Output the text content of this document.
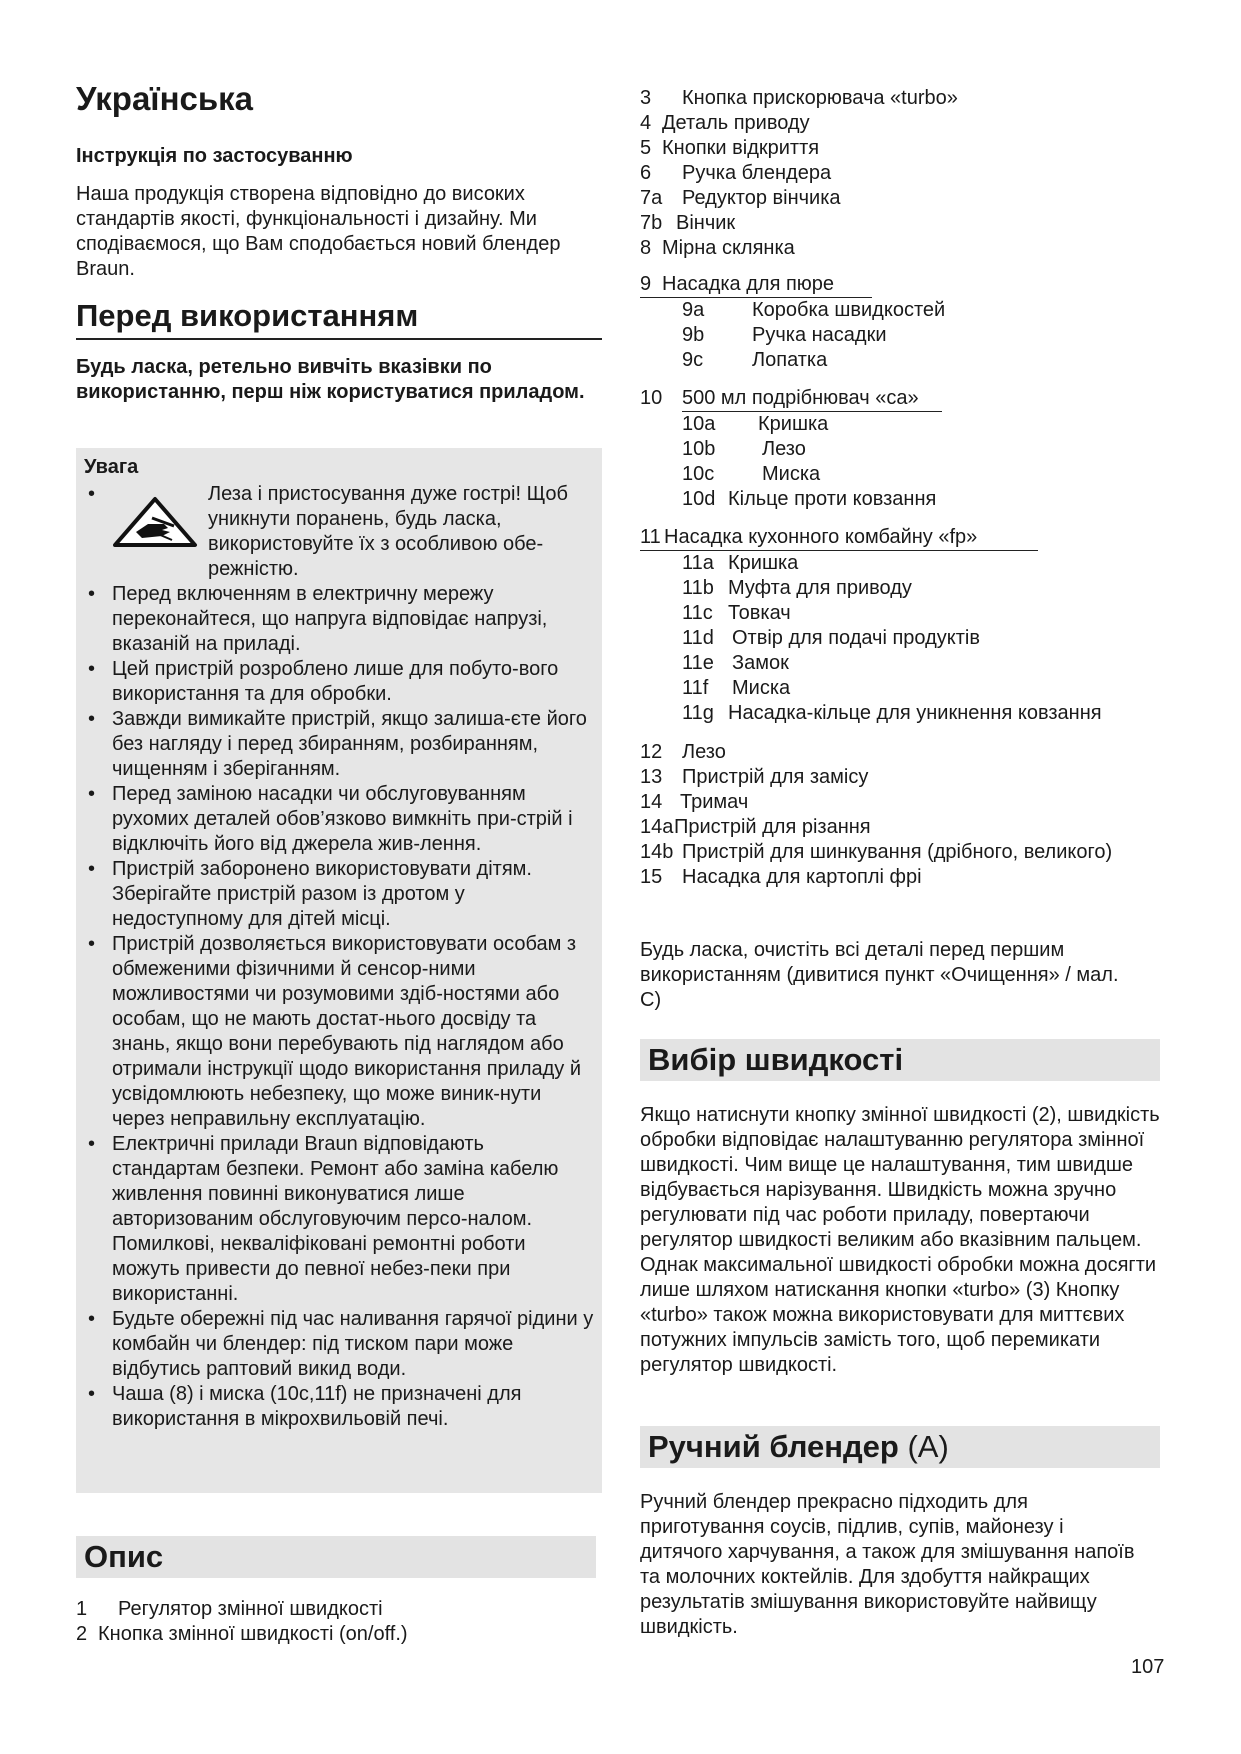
Українська
Інструкція по застосуванню

Наша продукція створена відповідно до високих стандартів якості, функціональності і дизайну. Ми сподіваємося, що Вам сподобається новий блендер Braun.

Перед використанням

Будь ласка, ретельно вивчіть вказівки по використанню, перш ніж користуватися приладом.

Увага
•	Леза і пристосування дуже гострі! Щоб уникнути поранень, будь ласка, використовуйте їх з особливою обе-режністю.
• Перед включенням в електричну мережу переконайтеся, що напруга відповідає напрузі, вказаній на приладі.
• Цей пристрій розроблено лише для побуто-вого використання та для обробки.
• Завжди вимикайте пристрій, якщо залиша-єте його без нагляду і перед збиранням, розбиранням, чищенням і зберіганням.
• Перед заміною насадки чи обслуговуванням рухомих деталей обов’язково вимкніть при-стрій і відключіть його від джерела жив-лення.
• Пристрій заборонено використовувати дітям. Зберігайте пристрій разом із дротом у недоступному для дітей місці.
• Пристрій дозволяється використовувати особам з обмеженими фізичними й сенсор-ними можливостями чи розумовими здіб-ностями або особам, що не мають достат-нього досвіду та знань, якщо вони перебувають під наглядом або отримали інструкції щодо використання приладу й усвідомлюють небезпеку, що може виник-нути через неправильну експлуатацію.
• Електричні прилади Braun відповідають стандартам безпеки. Ремонт або заміна кабелю живлення повинні виконуватися лише авторизованим обслуговуючим персо-налом. Помилкові, некваліфіковані ремонтні роботи можуть привести до певної небез-пеки при використанні.
• Будьте обережні під час наливання гарячої рідини у комбайн чи блендер: під тиском пари може відбутись раптовий викид води.
• Чаша (8) і миска (10c,11f) не призначені для використання в мікрохвильовій печі.
Опис
1 Регулятор змінної швидкості
2 Кнопка змінної швидкості (on/off.)
3 Кнопка прискорювача «turbo»
4 Деталь приводу
5 Кнопки відкриття
6 Ручка блендера
7a Редуктор вінчика
7b Вінчик
8 Мірна склянка
9 Насадка для пюре
9a Коробка швидкостей
9b Ручка насадки
9c Лопатка
10 500 мл подрібнювач «ca»
10a Кришка
10b Лезо
10c Миска
10d Кільце проти ковзання
11 Насадка кухонного комбайну «fp»
11a Кришка
11b Муфта для приводу
11c Товкач
11d Отвір для подачі продуктів
11e Замок
11f Миска
11g Насадка-кільце для уникнення ковзання
12 Лезо
13 Пристрій для замісу
14 Тримач
14aПристрій для різання
14b Пристрій для шинкування (дрібного, великого)
15 Насадка для картоплі фрі

Будь ласка, очистіть всі деталі перед першим використанням (дивитися пункт «Очищення» / мал. C)

Вибір швидкості

Якщо натиснути кнопку змінної швидкості (2), швидкість обробки відповідає налаштуванню регулятора змінної швидкості. Чим вище це налаштування, тим швидше відбувається нарізування. Швидкість можна зручно регулювати під час роботи приладу, повертаючи регулятор швидкості великим або вказівним пальцем. Однак максимальної швидкості обробки можна досягти лише шляхом натискання кнопки «turbo» (3) Кнопку «turbo» також можна використовувати для миттєвих потужних імпульсів замість того, щоб перемикати регулятор швидкості.

Ручний блендер (A)

Ручний блендер прекрасно підходить для приготування соусів, підлив, супів, майонезу і дитячого харчування, а також для змішування напоїв та молочних коктейлів. Для здобуття найкращих результатів змішування використовуйте найвищу швидкість.

107
